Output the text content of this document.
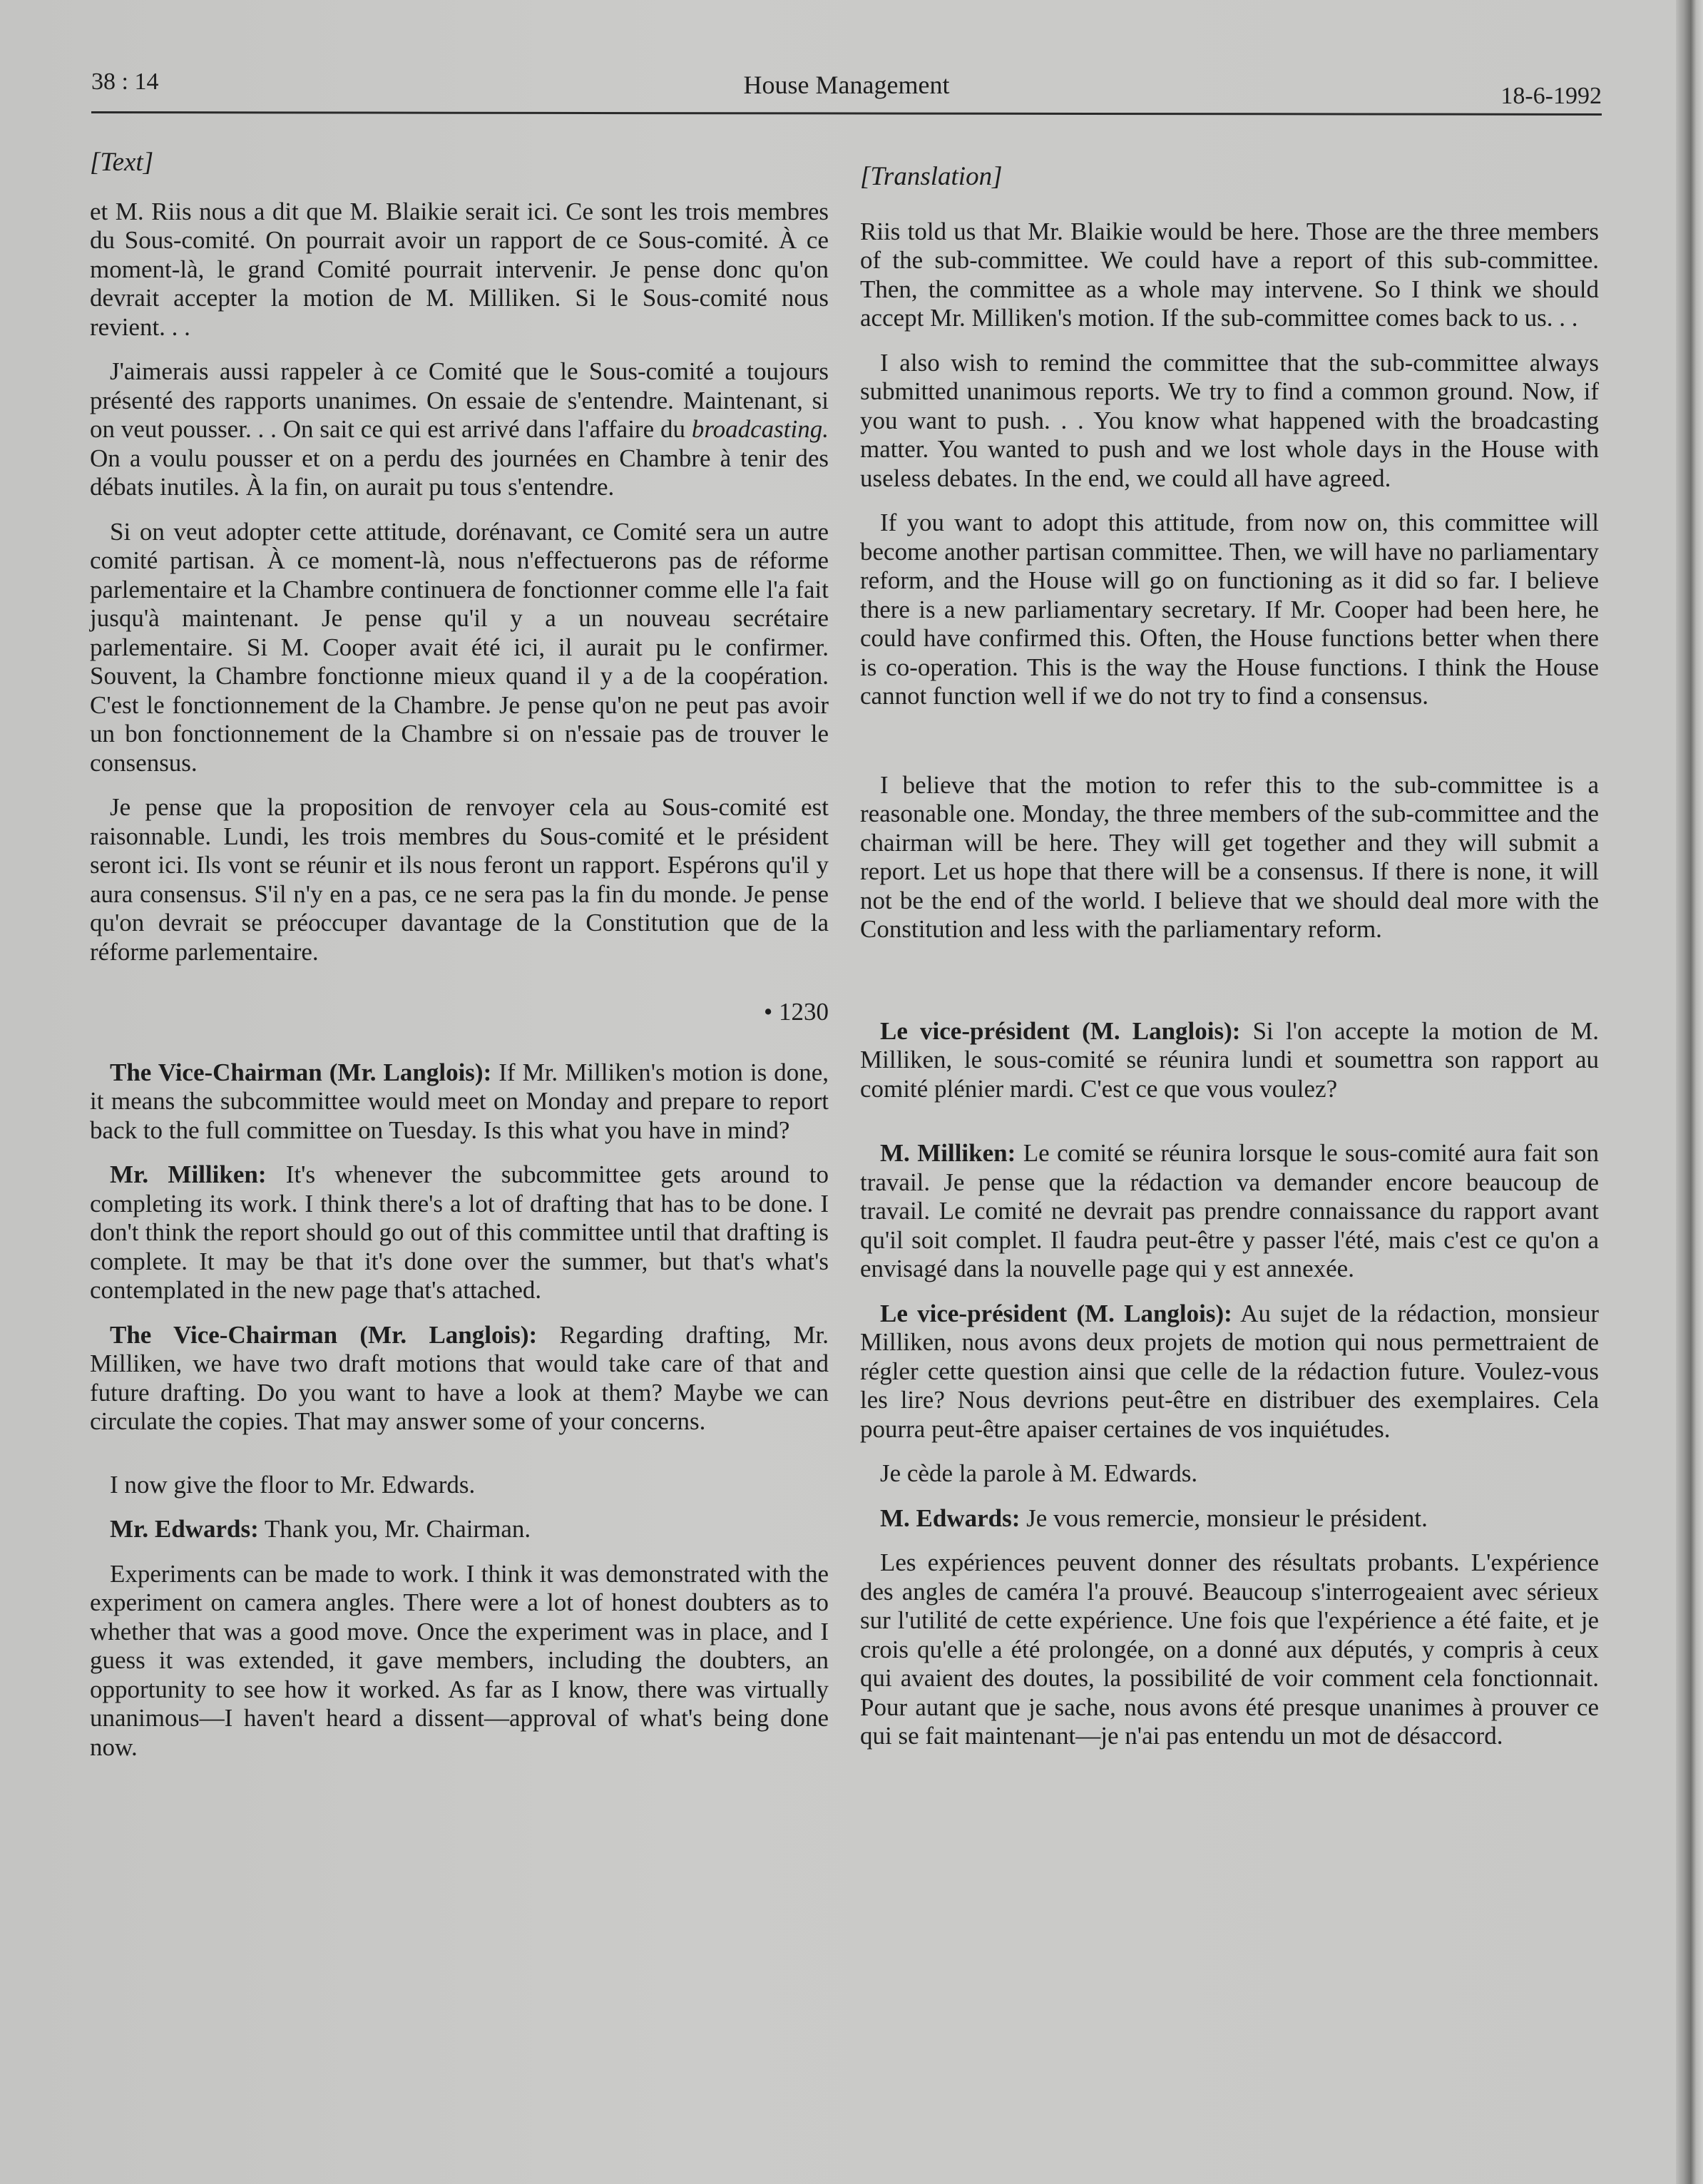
38 : 14	House Management	18-6-1992
[Text]

et M. Riis nous a dit que M. Blaikie serait ici. Ce sont les trois membres du Sous-comité. On pourrait avoir un rapport de ce Sous-comité. À ce moment-là, le grand Comité pourrait intervenir. Je pense donc qu'on devrait accepter la motion de M. Milliken. Si le Sous-comité nous revient. . .

J'aimerais aussi rappeler à ce Comité que le Sous-comité a toujours présenté des rapports unanimes. On essaie de s'entendre. Maintenant, si on veut pousser. . . On sait ce qui est arrivé dans l'affaire du broadcasting. On a voulu pousser et on a perdu des journées en Chambre à tenir des débats inutiles. À la fin, on aurait pu tous s'entendre.

Si on veut adopter cette attitude, dorénavant, ce Comité sera un autre comité partisan. À ce moment-là, nous n'effectuerons pas de réforme parlementaire et la Chambre continuera de fonctionner comme elle l'a fait jusqu'à maintenant. Je pense qu'il y a un nouveau secrétaire parlementaire. Si M. Cooper avait été ici, il aurait pu le confirmer. Souvent, la Chambre fonctionne mieux quand il y a de la coopération. C'est le fonctionnement de la Chambre. Je pense qu'on ne peut pas avoir un bon fonctionnement de la Chambre si on n'essaie pas de trouver le consensus.

Je pense que la proposition de renvoyer cela au Sous-comité est raisonnable. Lundi, les trois membres du Sous-comité et le président seront ici. Ils vont se réunir et ils nous feront un rapport. Espérons qu'il y aura consensus. S'il n'y en a pas, ce ne sera pas la fin du monde. Je pense qu'on devrait se préoccuper davantage de la Constitution que de la réforme parlementaire.

• 1230

The Vice-Chairman (Mr. Langlois): If Mr. Milliken's motion is done, it means the subcommittee would meet on Monday and prepare to report back to the full committee on Tuesday. Is this what you have in mind?

Mr. Milliken: It's whenever the subcommittee gets around to completing its work. I think there's a lot of drafting that has to be done. I don't think the report should go out of this committee until that drafting is complete. It may be that it's done over the summer, but that's what's contemplated in the new page that's attached.

The Vice-Chairman (Mr. Langlois): Regarding drafting, Mr. Milliken, we have two draft motions that would take care of that and future drafting. Do you want to have a look at them? Maybe we can circulate the copies. That may answer some of your concerns.

I now give the floor to Mr. Edwards.

Mr. Edwards: Thank you, Mr. Chairman.

Experiments can be made to work. I think it was demonstrated with the experiment on camera angles. There were a lot of honest doubters as to whether that was a good move. Once the experiment was in place, and I guess it was extended, it gave members, including the doubters, an opportunity to see how it worked. As far as I know, there was virtually unanimous—I haven't heard a dissent—approval of what's being done now.

[Translation]

Riis told us that Mr. Blaikie would be here. Those are the three members of the sub-committee. We could have a report of this sub-committee. Then, the committee as a whole may intervene. So I think we should accept Mr. Milliken's motion. If the sub-committee comes back to us. . .

I also wish to remind the committee that the sub-committee always submitted unanimous reports. We try to find a common ground. Now, if you want to push. . . You know what happened with the broadcasting matter. You wanted to push and we lost whole days in the House with useless debates. In the end, we could all have agreed.

If you want to adopt this attitude, from now on, this committee will become another partisan committee. Then, we will have no parliamentary reform, and the House will go on functioning as it did so far. I believe there is a new parliamentary secretary. If Mr. Cooper had been here, he could have confirmed this. Often, the House functions better when there is co-operation. This is the way the House functions. I think the House cannot function well if we do not try to find a consensus.

I believe that the motion to refer this to the sub-committee is a reasonable one. Monday, the three members of the sub-committee and the chairman will be here. They will get together and they will submit a report. Let us hope that there will be a consensus. If there is none, it will not be the end of the world. I believe that we should deal more with the Constitution and less with the parliamentary reform.

Le vice-président (M. Langlois): Si l'on accepte la motion de M. Milliken, le sous-comité se réunira lundi et soumettra son rapport au comité plénier mardi. C'est ce que vous voulez?

M. Milliken: Le comité se réunira lorsque le sous-comité aura fait son travail. Je pense que la rédaction va demander encore beaucoup de travail. Le comité ne devrait pas prendre connaissance du rapport avant qu'il soit complet. Il faudra peut-être y passer l'été, mais c'est ce qu'on a envisagé dans la nouvelle page qui y est annexée.

Le vice-président (M. Langlois): Au sujet de la rédaction, monsieur Milliken, nous avons deux projets de motion qui nous permettraient de régler cette question ainsi que celle de la rédaction future. Voulez-vous les lire? Nous devrions peut-être en distribuer des exemplaires. Cela pourra peut-être apaiser certaines de vos inquiétudes.

Je cède la parole à M. Edwards.

M. Edwards: Je vous remercie, monsieur le président.

Les expériences peuvent donner des résultats probants. L'expérience des angles de caméra l'a prouvé. Beaucoup s'interrogeaient avec sérieux sur l'utilité de cette expérience. Une fois que l'expérience a été faite, et je crois qu'elle a été prolongée, on a donné aux députés, y compris à ceux qui avaient des doutes, la possibilité de voir comment cela fonctionnait. Pour autant que je sache, nous avons été presque unanimes à prouver ce qui se fait maintenant—je n'ai pas entendu un mot de désaccord.
